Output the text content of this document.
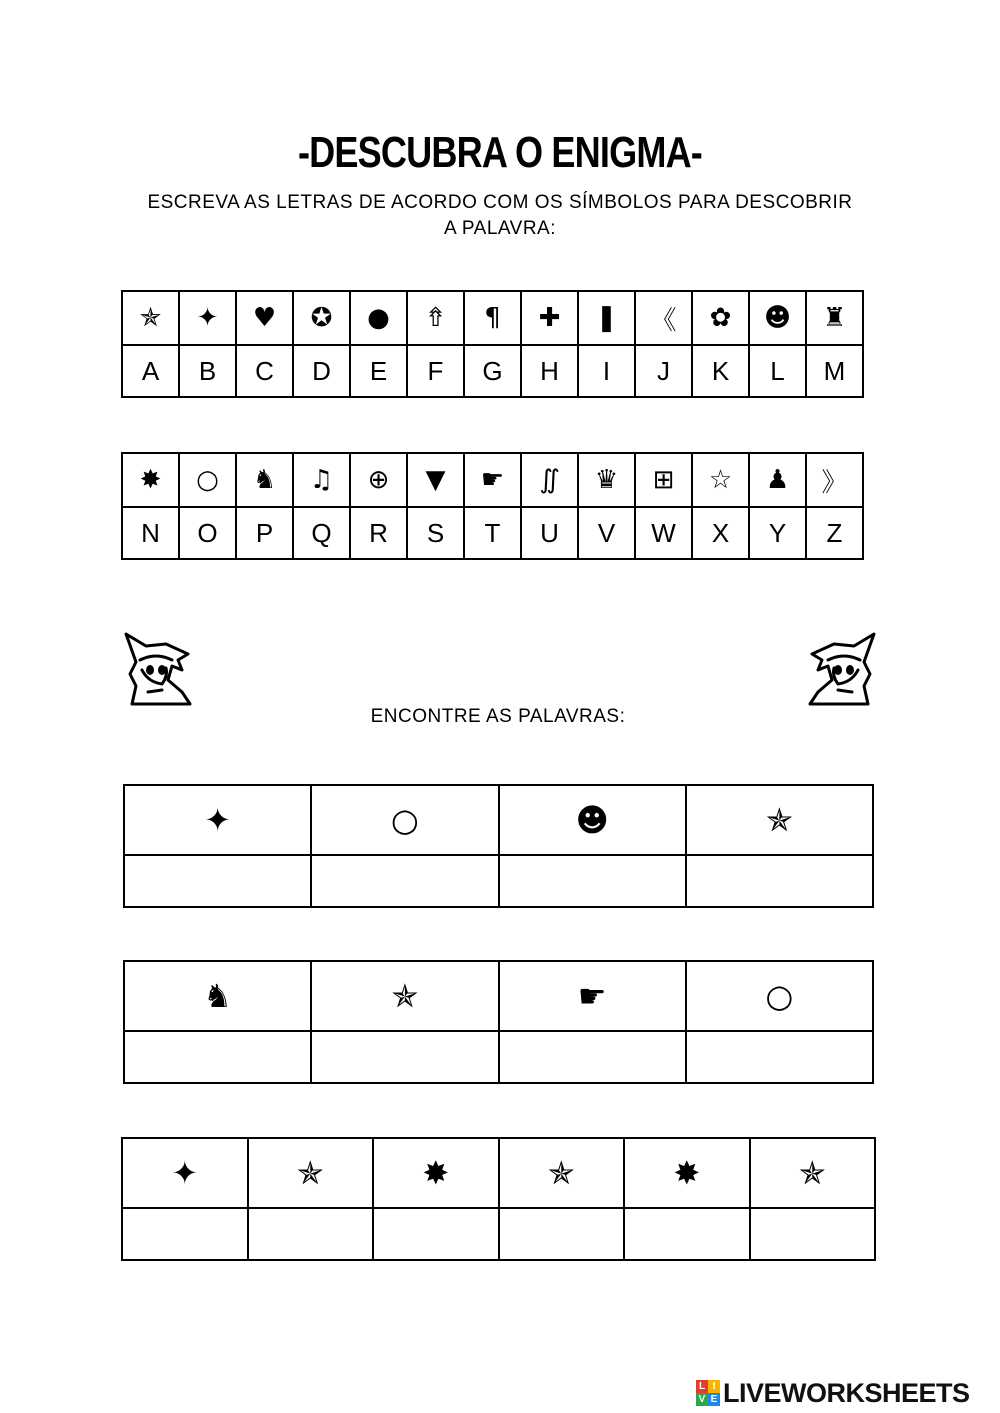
-DESCUBRA O ENIGMA-
ESCREVA AS LETRAS DE ACORDO COM OS SÍMBOLOS PARA DESCOBRIR
A PALAVRA:
✯	✦	♥	✪	●	⇮	¶	✚	❚	《	✿	☻	♜
A	B	C	D	E	F	G	H	I	J	K	L	M
✸	○	♞	♫	⊕	▼	☛	∬	♛	⊞	☆	♟	》
N	O	P	Q	R	S	T	U	V	W	X	Y	Z
ENCONTRE AS PALAVRAS:
✦	○	☻	✯

♞	✯	☛	○

✦	✯	✸	✯	✸	✯

L I
V E LIVEWORKSHEETS
